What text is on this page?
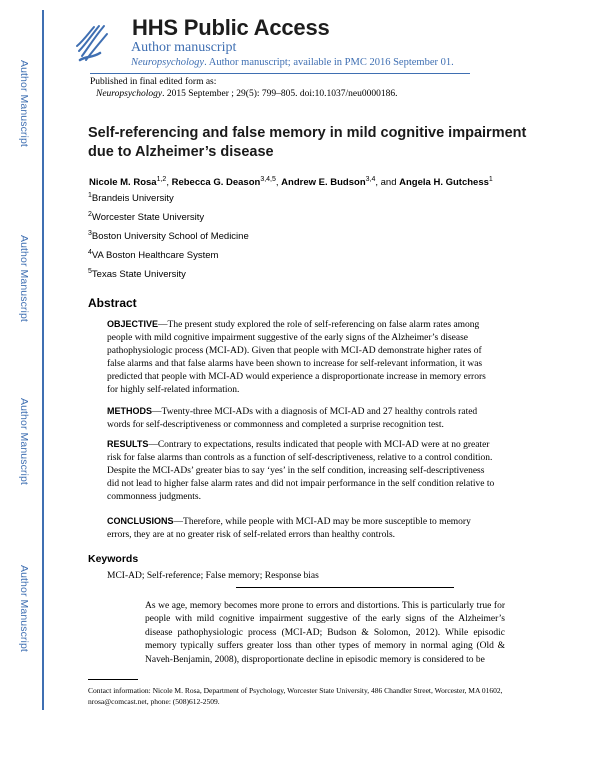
Author Manuscript
Author Manuscript
Author Manuscript
Author Manuscript
HHS Public Access
Author manuscript
Neuropsychology. Author manuscript; available in PMC 2016 September 01.
Published in final edited form as:
Neuropsychology. 2015 September ; 29(5): 799–805. doi:10.1037/neu0000186.
Self-referencing and false memory in mild cognitive impairment due to Alzheimer’s disease
Nicole M. Rosa$^{1,2}$, Rebecca G. Deason$^{3,4,5}$, Andrew E. Budson$^{3,4}$, and Angela H. Gutchess$^1$
$^1$Brandeis University
$^2$Worcester State University
$^3$Boston University School of Medicine
$^4$VA Boston Healthcare System
$^5$Texas State University
Abstract
OBJECTIVE—The present study explored the role of self-referencing on false alarm rates among people with mild cognitive impairment suggestive of the early signs of the Alzheimer’s disease pathophysiologic process (MCI-AD). Given that people with MCI-AD demonstrate higher rates of false alarms and that false alarms have been shown to increase for self-relevant information, it was predicted that people with MCI-AD would experience a disproportionate increase in memory errors for highly self-related information.
METHODS—Twenty-three MCI-ADs with a diagnosis of MCI-AD and 27 healthy controls rated words for self-descriptiveness or commonness and completed a surprise recognition test.
RESULTS—Contrary to expectations, results indicated that people with MCI-AD were at no greater risk for false alarms than controls as a function of self-descriptiveness, relative to a control condition. Despite the MCI-ADs’ greater bias to say ‘yes’ in the self condition, increasing self-descriptiveness did not lead to higher false alarm rates and did not impair performance in the self condition relative to commonness judgments.
CONCLUSIONS—Therefore, while people with MCI-AD may be more susceptible to memory errors, they are at no greater risk of self-related errors than healthy controls.
Keywords
MCI-AD; Self-reference; False memory; Response bias
As we age, memory becomes more prone to errors and distortions. This is particularly true for people with mild cognitive impairment suggestive of the early signs of the Alzheimer’s disease pathophysiologic process (MCI-AD; Budson & Solomon, 2012). While episodic memory typically suffers greater loss than other types of memory in normal aging (Old & Naveh-Benjamin, 2008), disproportionate decline in episodic memory is considered to be
Contact information: Nicole M. Rosa, Department of Psychology, Worcester State University, 486 Chandler Street, Worcester, MA 01602, nrosa@comcast.net, phone: (508)612-2509.
